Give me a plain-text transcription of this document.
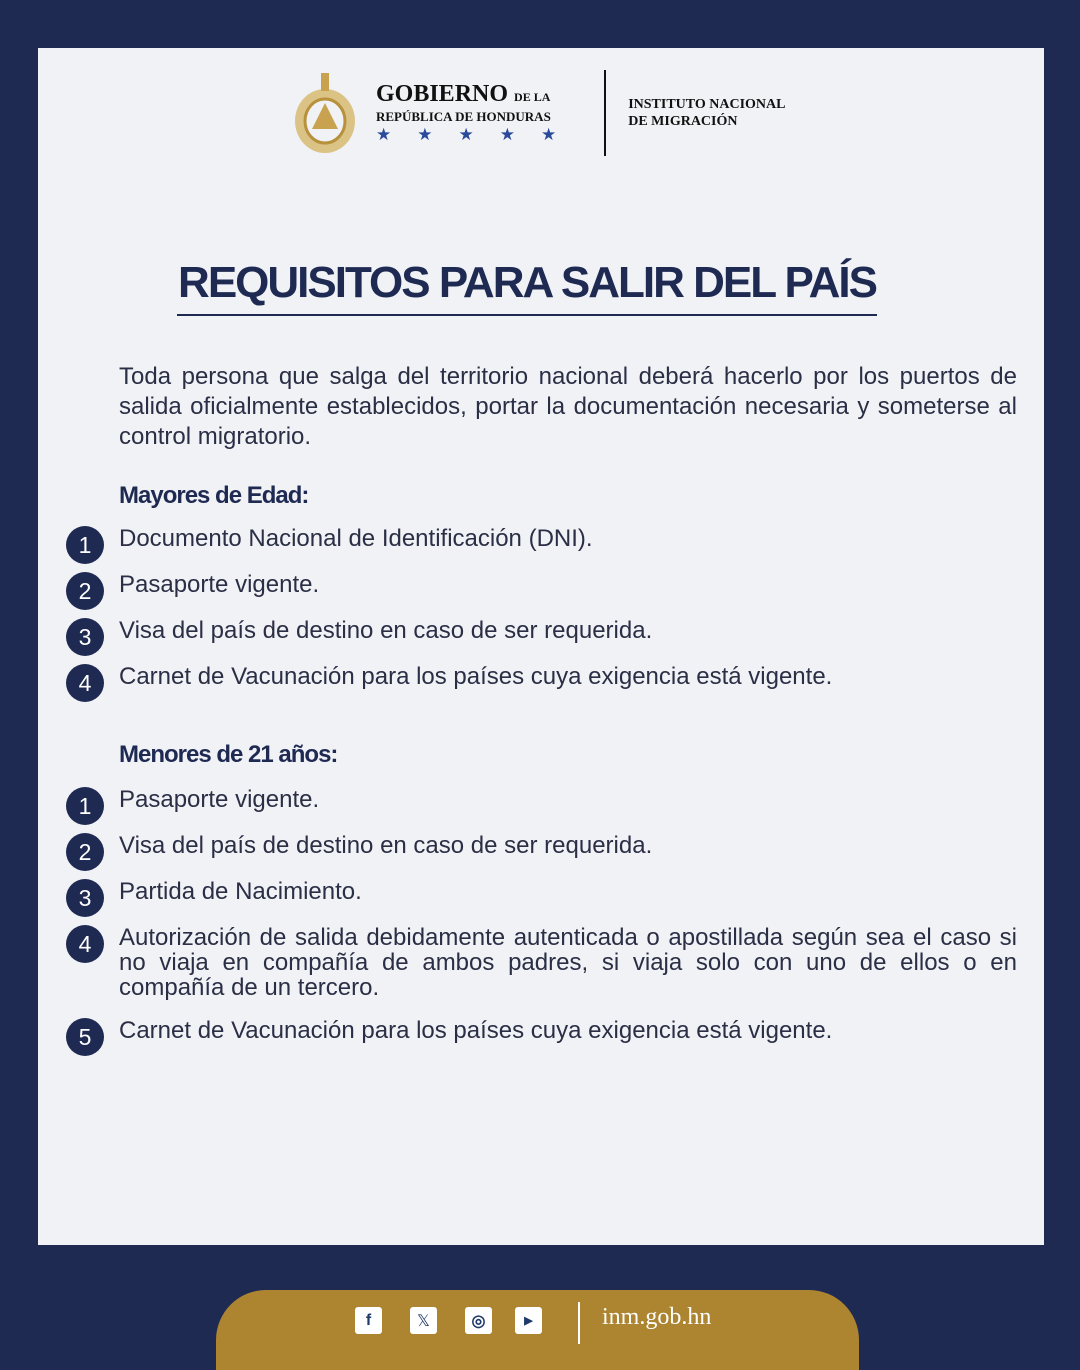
GOBIERNO DE LA
REPÚBLICA DE HONDURAS
★★★★★
INSTITUTO NACIONAL
DE MIGRACIÓN
REQUISITOS PARA SALIR DEL PAÍS
Toda persona que salga del territorio nacional deberá hacerlo por los puertos de salida oficialmente establecidos, portar la documentación necesaria y someterse al control migratorio.
Mayores de Edad:
1	Documento Nacional de Identificación (DNI).
2	Pasaporte vigente.
3	Visa del país de destino en caso de ser requerida.
4	Carnet de Vacunación para los países cuya exigencia está vigente.
Menores de 21 años:
1	Pasaporte vigente.
2	Visa del país de destino en caso de ser requerida.
3	Partida de Nacimiento.
4	Autorización de salida debidamente autenticada o apostillada según sea el caso si no viaja en compañía de ambos padres, si viaja solo con uno de ellos o en compañía de un tercero.
5	Carnet de Vacunación para los países cuya exigencia está vigente.
f	𝕏	◎	▶	inm.gob.hn
